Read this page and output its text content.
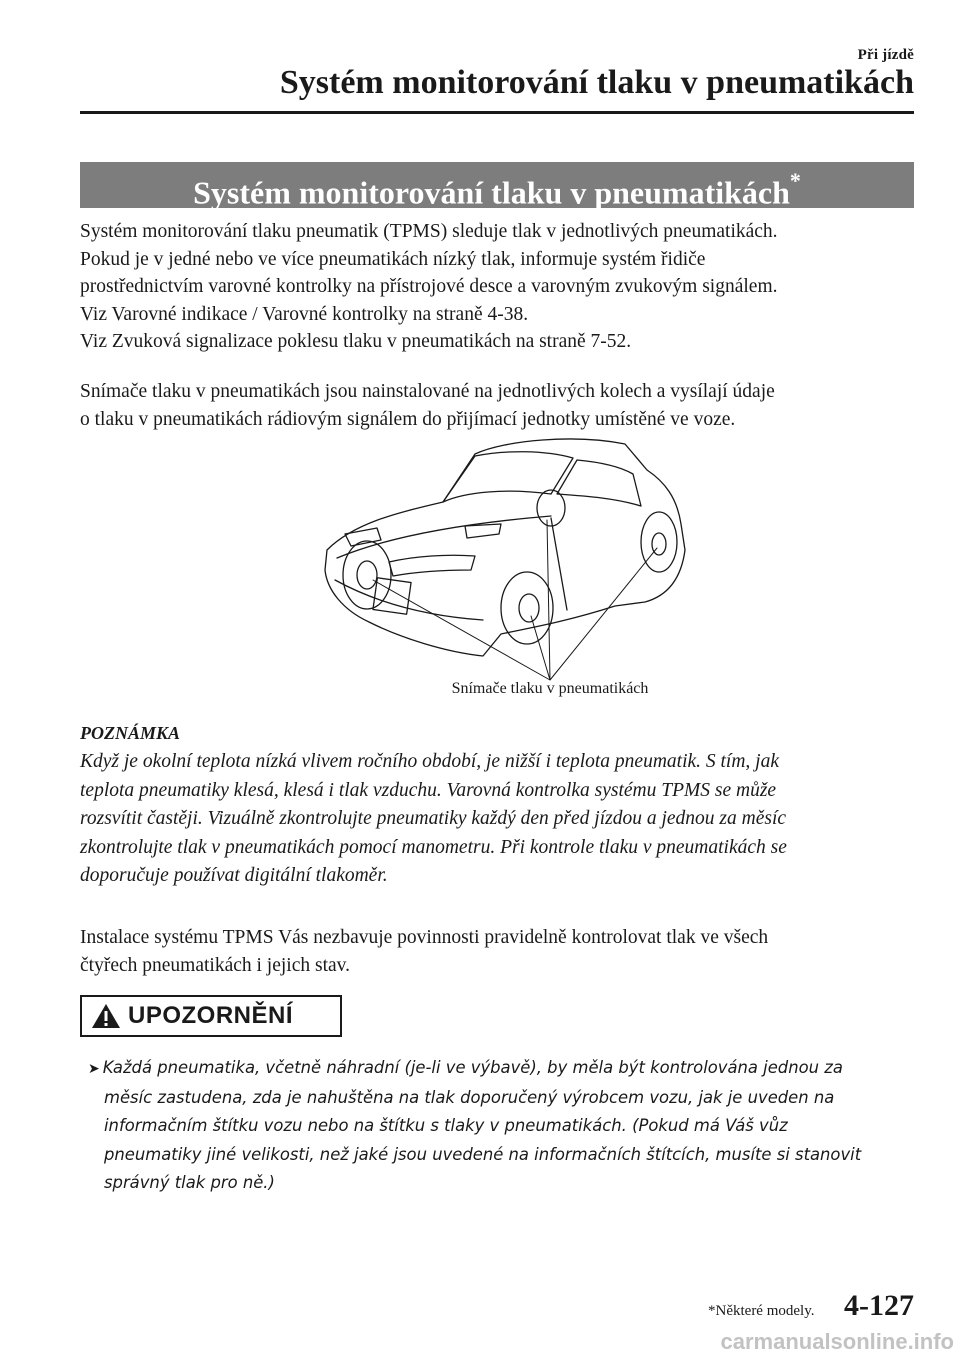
Při jízdě
Systém monitorování tlaku v pneumatikách
Systém monitorování tlaku v pneumatikách*

Systém monitorování tlaku pneumatik (TPMS) sleduje tlak v jednotlivých pneumatikách.
Pokud je v jedné nebo ve více pneumatikách nízký tlak, informuje systém řidiče
prostřednictvím varovné kontrolky na přístrojové desce a varovným zvukovým signálem.
Viz Varovné indikace / Varovné kontrolky na straně 4-38.
Viz Zvuková signalizace poklesu tlaku v pneumatikách na straně 7-52.

Snímače tlaku v pneumatikách jsou nainstalované na jednotlivých kolech a vysílají údaje
o tlaku v pneumatikách rádiovým signálem do přijímací jednotky umístěné ve voze.

Snímače tlaku v pneumatikách
POZNÁMKA

Když je okolní teplota nízká vlivem ročního období, je nižší i teplota pneumatik. S tím, jak
teplota pneumatiky klesá, klesá i tlak vzduchu. Varovná kontrolka systému TPMS se může
rozsvítit častěji. Vizuálně zkontrolujte pneumatiky každý den před jízdou a jednou za měsíc
zkontrolujte tlak v pneumatikách pomocí manometru. Při kontrole tlaku v pneumatikách se
doporučuje používat digitální tlakoměr.

Instalace systému TPMS Vás nezbavuje povinnosti pravidelně kontrolovat tlak ve všech
čtyřech pneumatikách i jejich stav.

UPOZORNĚNÍ
➤ Každá pneumatika, včetně náhradní (je-li ve výbavě), by měla být kontrolována jednou za
měsíc zastudena, zda je nahuštěna na tlak doporučený výrobcem vozu, jak je uveden na
informačním štítku vozu nebo na štítku s tlaky v pneumatikách. (Pokud má Váš vůz
pneumatiky jiné velikosti, než jaké jsou uvedené na informačních štítcích, musíte si stanovit
správný tlak pro ně.)
*Některé modely. 4-127
carmanualsonline.info
